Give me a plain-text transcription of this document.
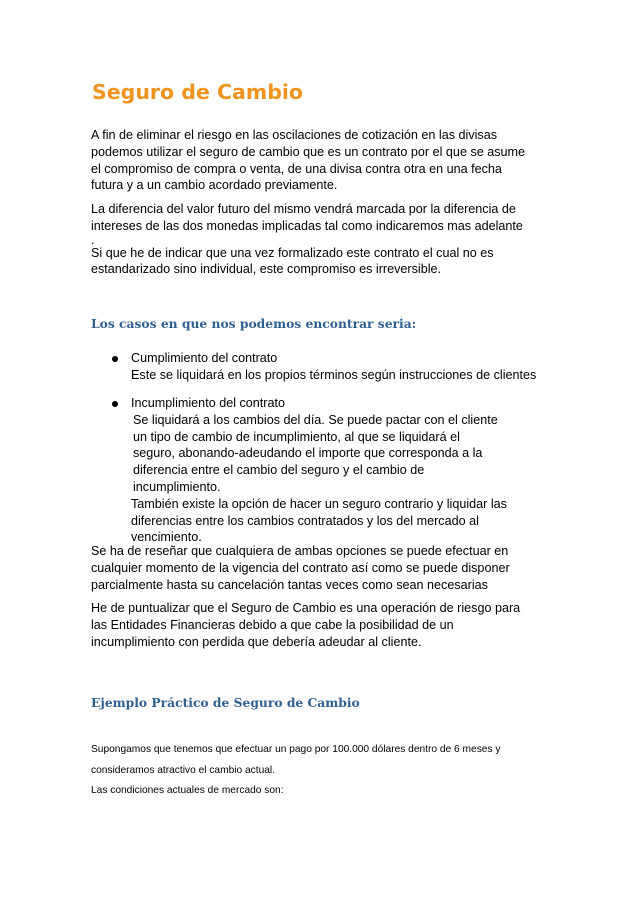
Seguro de Cambio

A fin de eliminar el riesgo en las oscilaciones de cotización en las divisas
podemos utilizar el seguro de cambio que es un contrato por el que se asume
el compromiso de compra o venta, de una divisa contra otra en una fecha
futura y a un cambio acordado previamente.

La diferencia del valor futuro del mismo vendrá marcada por la diferencia de
intereses de las dos monedas implicadas tal como indicaremos mas adelante
.
Si que he de indicar que una vez formalizado este contrato el cual no es
estandarizado sino individual, este compromiso es irreversible.

Los casos en que nos podemos encontrar seria:

Cumplimiento del contrato
Este se liquidará en los propios términos según instrucciones de clientes

Incumplimiento del contrato
Se liquidará a los cambios del día. Se puede pactar con el cliente
un tipo de cambio de incumplimiento, al que se liquidará el
seguro, abonando-adeudando el importe que corresponda a la
diferencia entre el cambio del seguro y el cambio de
incumplimiento.
También existe la opción de hacer un seguro contrario y liquidar las
diferencias entre los cambios contratados y los del mercado al
vencimiento.

Se ha de reseñar que cualquiera de ambas opciones se puede efectuar en
cualquier momento de la vigencia del contrato así como se puede disponer
parcialmente hasta su cancelación tantas veces como sean necesarias

He de puntualizar que el Seguro de Cambio es una operación de riesgo para
las Entidades Financieras debido a que cabe la posibilidad de un
incumplimiento con perdida que debería adeudar al cliente.

Ejemplo Práctico de Seguro de Cambio

Supongamos que tenemos que efectuar un pago por 100.000 dólares dentro de 6 meses y
consideramos atractivo el cambio actual.

Las condiciones actuales de mercado son:
